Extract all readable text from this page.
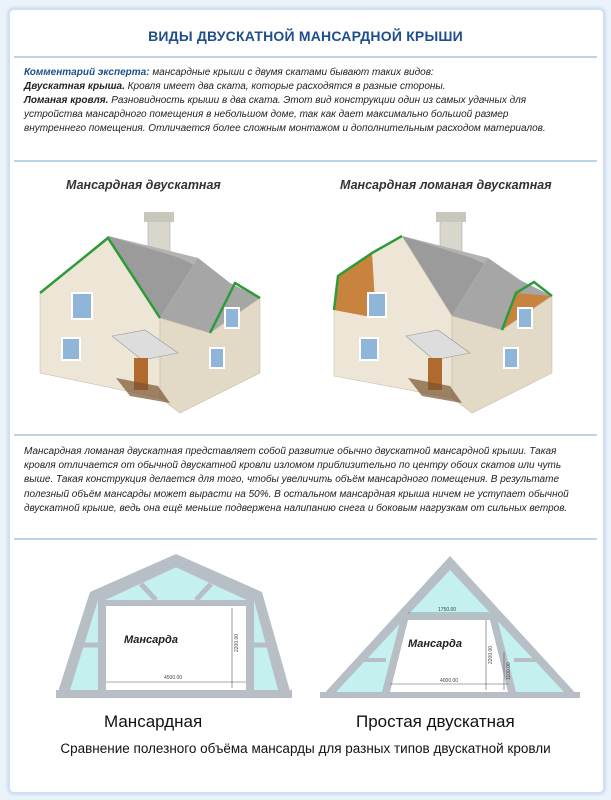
ВИДЫ ДВУСКАТНОЙ МАНСАРДНОЙ КРЫШИ
Комментарий эксперта: мансардные крыши с двумя скатами бывают таких видов:
Двускатная крыша. Кровля имеет два ската, которые расходятся в разные стороны.
Ломаная кровля. Разновидность крыши в два ската. Этот вид конструкции один из самых удачных для устройства мансардного помещения в небольшом доме, так как дает максимально большой размер внутреннего помещения. Отличается более сложным монтажом и дополнительным расходом материалов.
Мансардная двускатная	Мансардная ломаная двускатная
Мансардная ломаная двускатная представляет собой развитие обычно двускатной мансардной крыши. Такая кровля отличается от обычной двускатной кровли изломом приблизительно по центру обоих скатов или чуть выше. Такая конструкция делается для того, чтобы увеличить объём мансардного помещения. В результате полезный объём мансарды может вырасти на 50%. В остальном мансардная крыша ничем не уступает обычной двускатной крыше, ведь она ещё меньше подвержена налипанию снега и боковым нагрузкам от сильных ветров.
4500.00
2200.00
Мансарда
1750.00
4000.00
2200.00
1100.00
Мансарда
Мансардная	Простая двускатная
Сравнение полезного объёма мансарды для разных типов двускатной кровли
